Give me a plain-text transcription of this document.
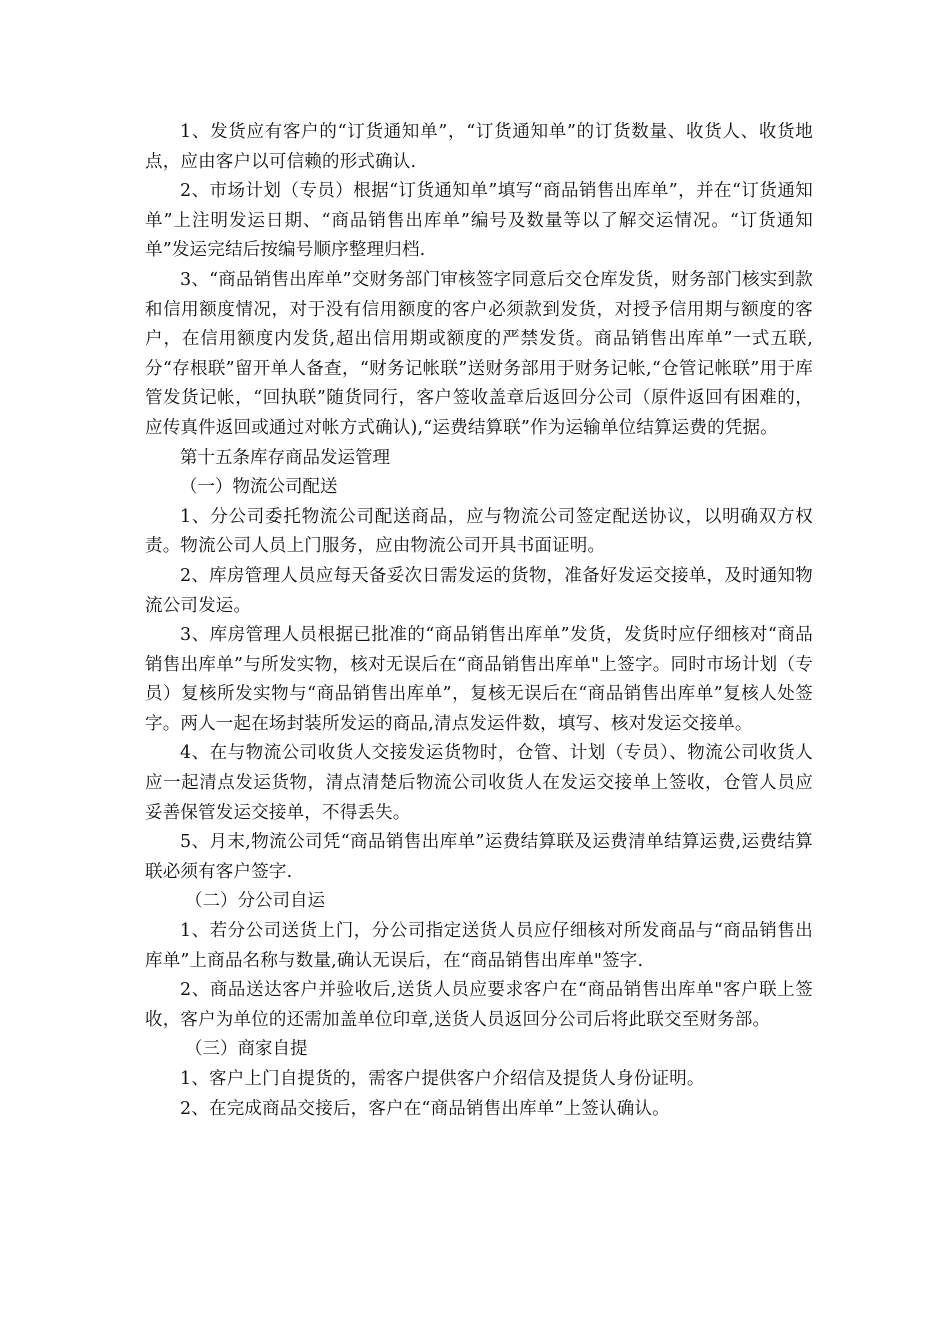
1、发货应有客户的“订货通知单”，“订货通知单”的订货数量、收货人、收货地点，应由客户以可信赖的形式确认.

2、市场计划（专员）根据“订货通知单”填写“商品销售出库单”，并在“订货通知单”上注明发运日期、“商品销售出库单”编号及数量等以了解交运情况。“订货通知单”发运完结后按编号顺序整理归档.

3、“商品销售出库单”交财务部门审核签字同意后交仓库发货，财务部门核实到款和信用额度情况，对于没有信用额度的客户必须款到发货，对授予信用期与额度的客户，在信用额度内发货,超出信用期或额度的严禁发货。商品销售出库单”一式五联,分“存根联”留开单人备查，“财务记帐联”送财务部用于财务记帐,“仓管记帐联”用于库管发货记帐，“回执联”随货同行，客户签收盖章后返回分公司（原件返回有困难的，应传真件返回或通过对帐方式确认),“运费结算联”作为运输单位结算运费的凭据。

第十五条库存商品发运管理

（一）物流公司配送

1、分公司委托物流公司配送商品，应与物流公司签定配送协议，以明确双方权责。物流公司人员上门服务，应由物流公司开具书面证明。

2、库房管理人员应每天备妥次日需发运的货物，准备好发运交接单，及时通知物流公司发运。

3、库房管理人员根据已批准的“商品销售出库单”发货，发货时应仔细核对“商品销售出库单”与所发实物，核对无误后在“商品销售出库单"上签字。同时市场计划（专员）复核所发实物与“商品销售出库单”，复核无误后在“商品销售出库单”复核人处签字。两人一起在场封装所发运的商品,清点发运件数，填写、核对发运交接单。

4、在与物流公司收货人交接发运货物时，仓管、计划（专员）、物流公司收货人应一起清点发运货物，清点清楚后物流公司收货人在发运交接单上签收，仓管人员应妥善保管发运交接单，不得丢失。

5、月末,物流公司凭“商品销售出库单”运费结算联及运费清单结算运费,运费结算联必须有客户签字.

（二）分公司自运

1、若分公司送货上门，分公司指定送货人员应仔细核对所发商品与“商品销售出库单”上商品名称与数量,确认无误后，在“商品销售出库单"签字.

2、商品送达客户并验收后,送货人员应要求客户在“商品销售出库单"客户联上签收，客户为单位的还需加盖单位印章,送货人员返回分公司后将此联交至财务部。

（三）商家自提

1、客户上门自提货的，需客户提供客户介绍信及提货人身份证明。

2、在完成商品交接后，客户在“商品销售出库单”上签认确认。
